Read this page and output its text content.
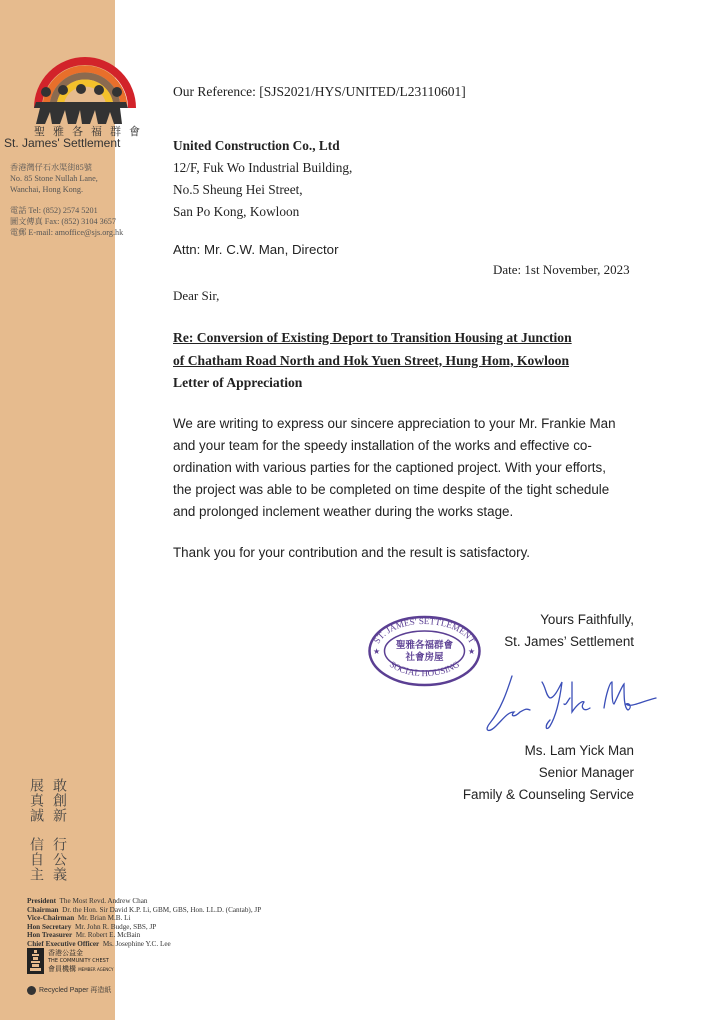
聖雅各福群會
St. James' Settlement
香港灣仔石水渠街85號
No. 85 Stone Nullah Lane,
Wanchai, Hong Kong.
電話 Tel: (852) 2574 5201
圖文傳真 Fax: (852) 3104 3657
電郵 E-mail: amoffice@sjs.org.hk
展真誠
信自主
敢創新
行公義
President The Most Revd. Andrew Chan
Chairman Dr. the Hon. Sir David K.P. Li, GBM, GBS, Hon. LL.D. (Cantab), JP
Vice-Chairman Mr. Brian M.B. Li
Hon Secretary Mr. John R. Budge, SBS, JP
Hon Treasurer Mr. Robert E. McBain
Chief Executive Officer Ms. Josephine Y.C. Lee
香港公益金
THE COMMUNITY CHEST
會員機構 MEMBER AGENCY
Recycled Paper 再造紙
Our Reference: [SJS2021/HYS/UNITED/L23110601]
United Construction Co., Ltd
12/F, Fuk Wo Industrial Building,
No.5 Sheung Hei Street,
San Po Kong, Kowloon
Attn: Mr. C.W. Man, Director
Date: 1st November, 2023
Dear Sir,
Re: Conversion of Existing Deport to Transition Housing at Junction
of Chatham Road North and Hok Yuen Street, Hung Hom, Kowloon
Letter of Appreciation
We are writing to express our sincere appreciation to your Mr. Frankie Man
and your team for the speedy installation of the works and effective co-
ordination with various parties for the captioned project. With your efforts,
the project was able to be completed on time despite of the tight schedule
and prolonged inclement weather during the works stage.
Thank you for your contribution and the result is satisfactory.
Yours Faithfully,
St. James’ Settlement
ST. JAMES' SETTLEMENT
SOCIAL HOUSING
聖雅各福群會
社會房屋
★	★
Ms. Lam Yick Man
Senior Manager
Family & Counseling Service
